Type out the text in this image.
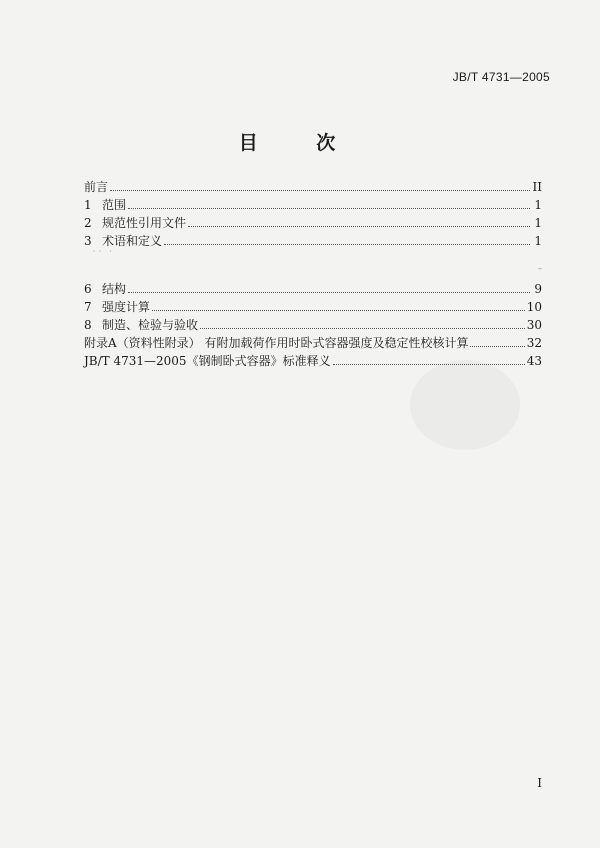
JB/T 4731—2005
目 次
前言	II
1 范围	1
2 规范性引用文件	1
3 术语和定义	1
˙˙ ˙
–
6 结构	9
7 强度计算	10
8 制造、检验与验收	30
附录A（资料性附录） 有附加载荷作用时卧式容器强度及稳定性校核计算	32
JB/T 4731—2005《钢制卧式容器》标准释义	43
I
